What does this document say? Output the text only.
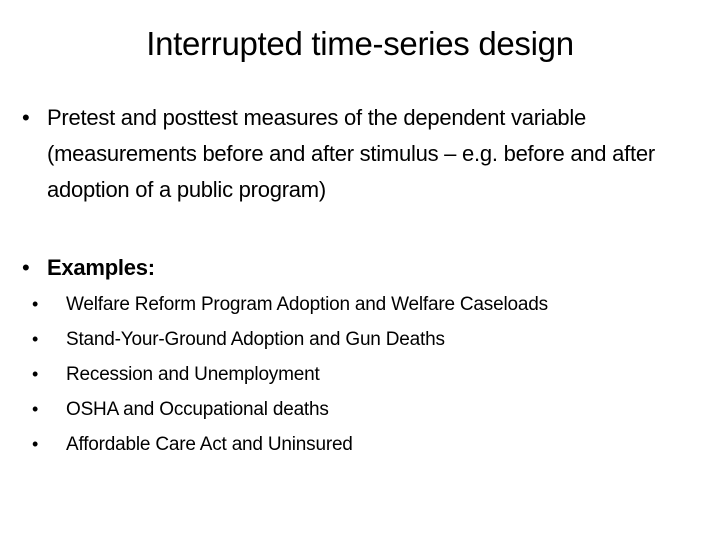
Interrupted time-series design
• Pretest and posttest measures of the dependent variable (measurements before and after stimulus – e.g. before and after adoption of a public program)
• Examples:
• Welfare Reform Program Adoption and Welfare Caseloads
• Stand-Your-Ground Adoption and Gun Deaths
• Recession and Unemployment
• OSHA and Occupational deaths
• Affordable Care Act and Uninsured
